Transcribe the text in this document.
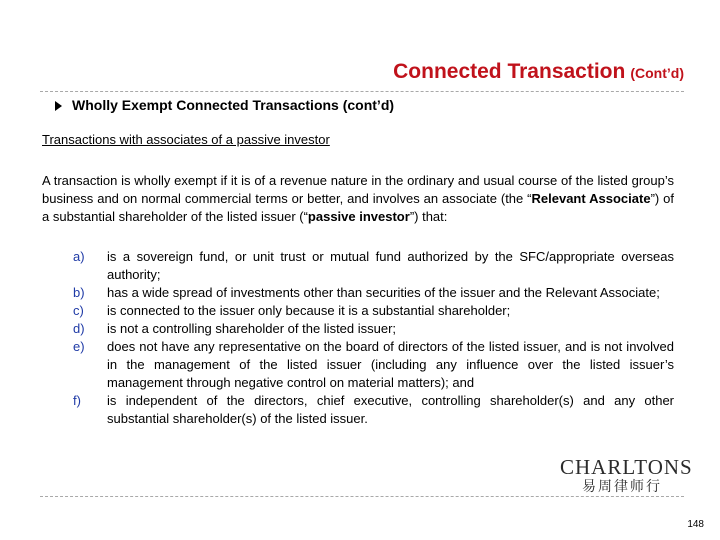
Connected Transaction (Cont’d)
Wholly Exempt Connected Transactions (cont’d)
Transactions with associates of a passive investor
A transaction is wholly exempt if it is of a revenue nature in the ordinary and usual course of the listed group’s business and on normal commercial terms or better, and involves an associate (the “Relevant Associate”) of a substantial shareholder of the listed issuer (“passive investor”) that:
a)	is a sovereign fund, or unit trust or mutual fund authorized by the SFC/appropriate overseas authority;
b)	has a wide spread of investments other than securities of the issuer and the Relevant Associate;
c)	is connected to the issuer only because it is a substantial shareholder;
d)	is not a controlling shareholder of the listed issuer;
e)	does not have any representative on the board of directors of the listed issuer, and is not involved in the management of the listed issuer (including any influence over the listed issuer’s management through negative control on material matters); and
f)	is independent of the directors, chief executive, controlling shareholder(s) and any other substantial shareholder(s) of the listed issuer.
CHARLTONS
易周律师行
148
